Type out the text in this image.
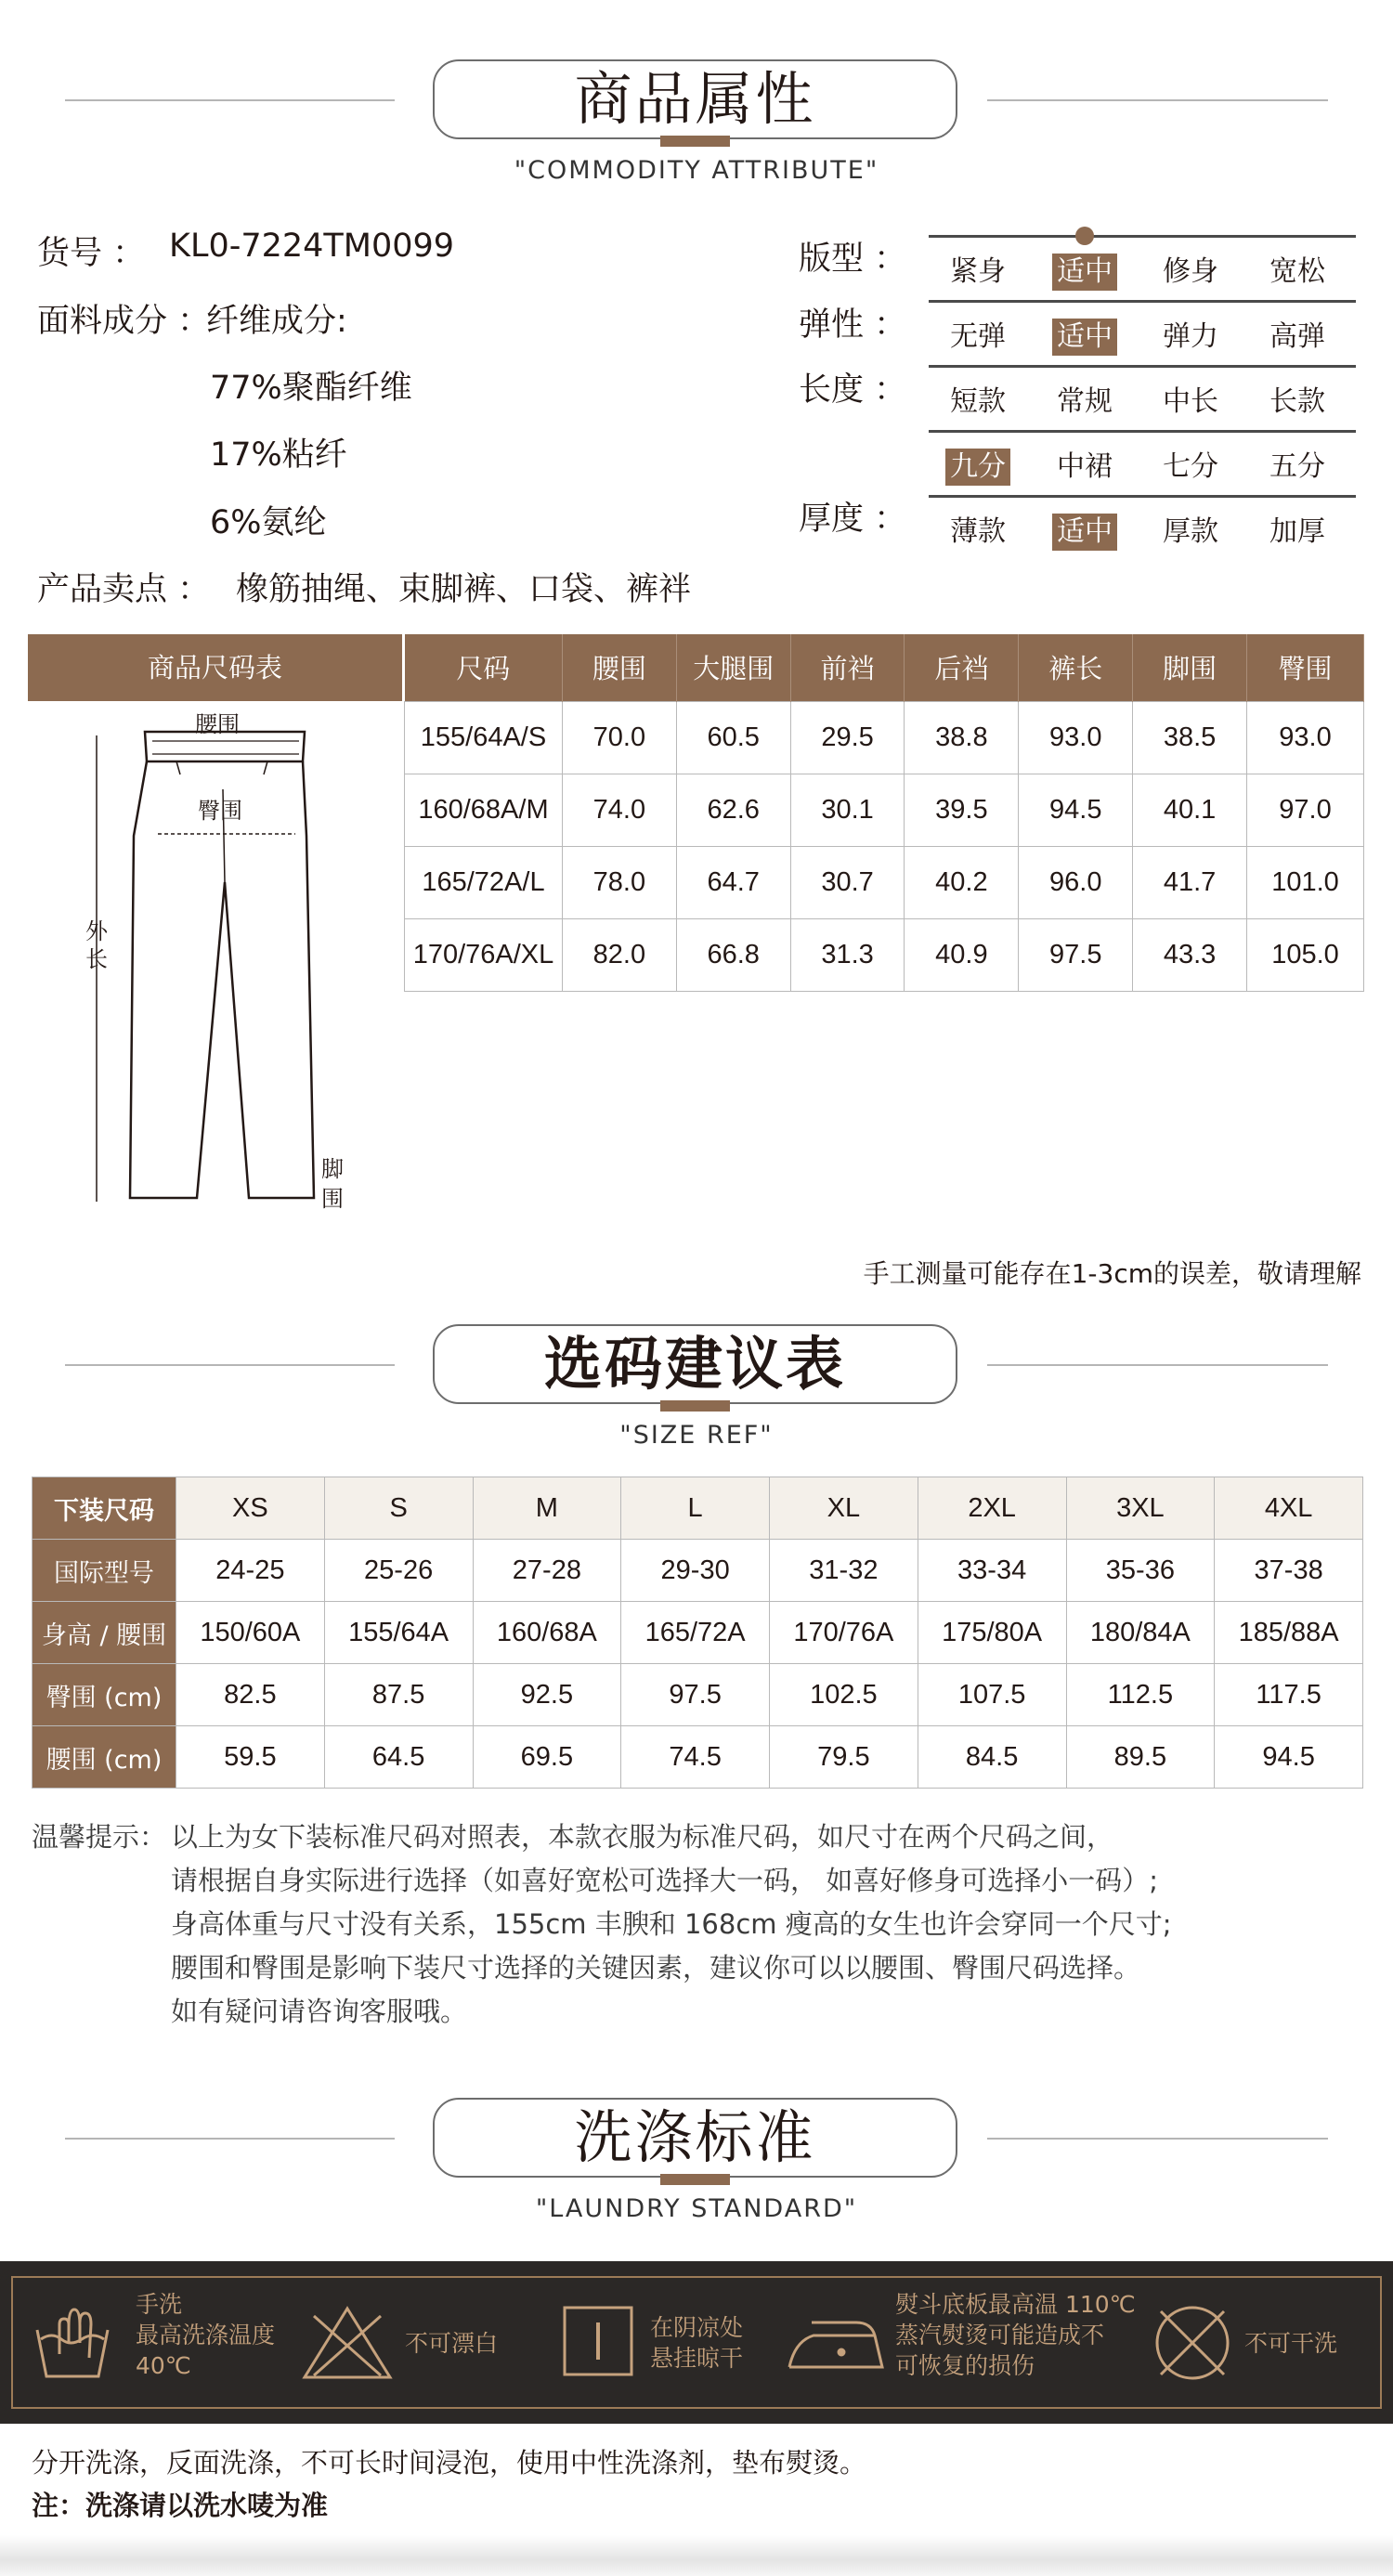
商品属性
"COMMODITY ATTRIBUTE"
货号 ： KL0-7224TM0099
面料成分 ：
纤维成分:
77%聚酯纤维
17%粘纤
6%氨纶
产品卖点 ： 橡筋抽绳、束脚裤、口袋、裤袢
版型 ： 紧身 适中 修身 宽松
弹性 ： 无弹 适中 弹力 高弹
长度 ： 短款 常规 中长 长款
九分 中裙 七分 五分
厚度 ： 薄款 适中 厚款 加厚
商品尺码表	尺码	腰围	大腿围	前裆	后裆	裤长	脚围	臀围
155/64A/S	70.0	60.5	29.5	38.8	93.0	38.5	93.0
160/68A/M	74.0	62.6	30.1	39.5	94.5	40.1	97.0
165/72A/L	78.0	64.7	30.7	40.2	96.0	41.7	101.0
170/76A/XL	82.0	66.8	31.3	40.9	97.5	43.3	105.0
腰围
臀围
外长
脚围
手工测量可能存在1-3cm的误差，敬请理解
选码建议表
"SIZE REF"
下装尺码	XS	S	M	L	XL	2XL	3XL	4XL
国际型号	24-25	25-26	27-28	29-30	31-32	33-34	35-36	37-38
身高 / 腰围	150/60A	155/64A	160/68A	165/72A	170/76A	175/80A	180/84A	185/88A
臀围 (cm)	82.5	87.5	92.5	97.5	102.5	107.5	112.5	117.5
腰围 (cm)	59.5	64.5	69.5	74.5	79.5	84.5	89.5	94.5
温馨提示： 以上为女下装标准尺码对照表，本款衣服为标准尺码，如尺寸在两个尺码之间，
请根据自身实际进行选择（如喜好宽松可选择大一码， 如喜好修身可选择小一码）;
身高体重与尺寸没有关系，155cm 丰腴和 168cm 瘦高的女生也许会穿同一个尺寸;
腰围和臀围是影响下装尺寸选择的关键因素，建议你可以以腰围、臀围尺码选择。
如有疑问请咨询客服哦。
洗涤标准
"LAUNDRY STANDARD"
手洗
最高洗涤温度
40℃
不可漂白
在阴凉处
悬挂晾干
熨斗底板最高温 110℃
蒸汽熨烫可能造成不
可恢复的损伤
不可干洗
分开洗涤，反面洗涤，不可长时间浸泡，使用中性洗涤剂，垫布熨烫。
注：洗涤请以洗水唛为准
